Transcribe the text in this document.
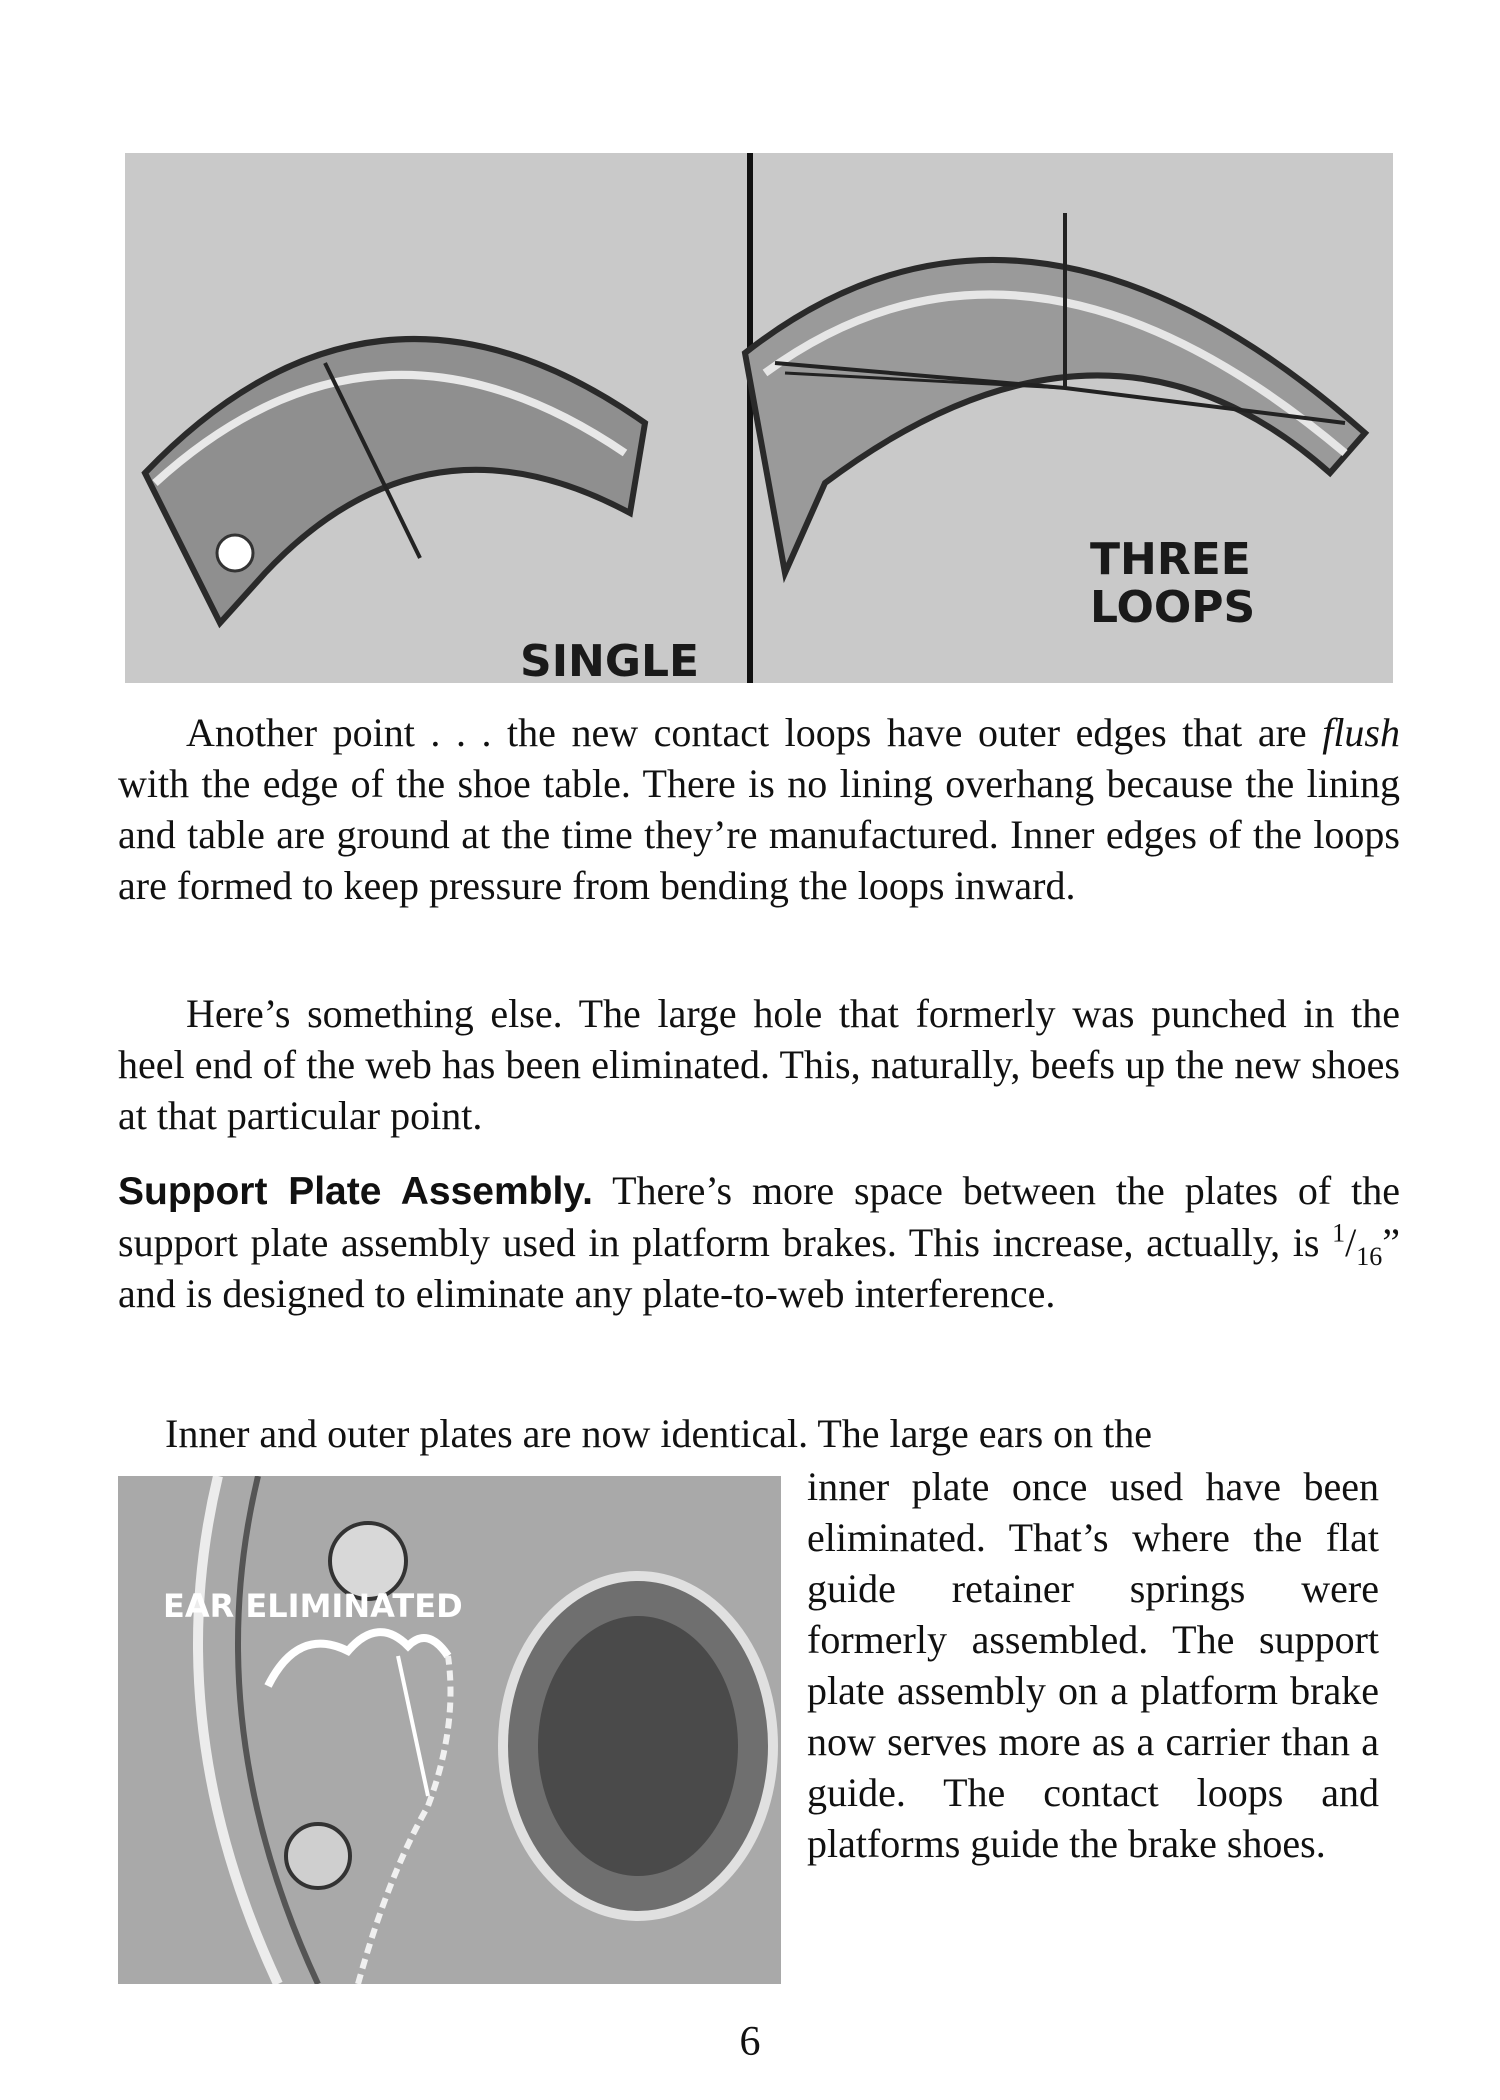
SINGLE
THREE
LOOPS

Another point . . . the new contact loops have outer edges that are flush with the edge of the shoe table. There is no lining overhang because the lining and table are ground at the time they’re manufactured. Inner edges of the loops are formed to keep pressure from bending the loops inward.

Here’s something else. The large hole that formerly was punched in the heel end of the web has been eliminated. This, naturally, beefs up the new shoes at that particular point.

Support Plate Assembly. There’s more space between the plates of the support plate assembly used in platform brakes. This increase, actually, is $^1/_{16}$” and is designed to eliminate any plate-to-web interference.

Inner and outer plates are now identical. The large ears on the

EAR ELIMINATED

inner plate once used have been eliminated. That’s where the flat guide retainer springs were formerly assembled. The support plate assembly on a platform brake now serves more as a carrier than a guide. The contact loops and platforms guide the brake shoes.

6
